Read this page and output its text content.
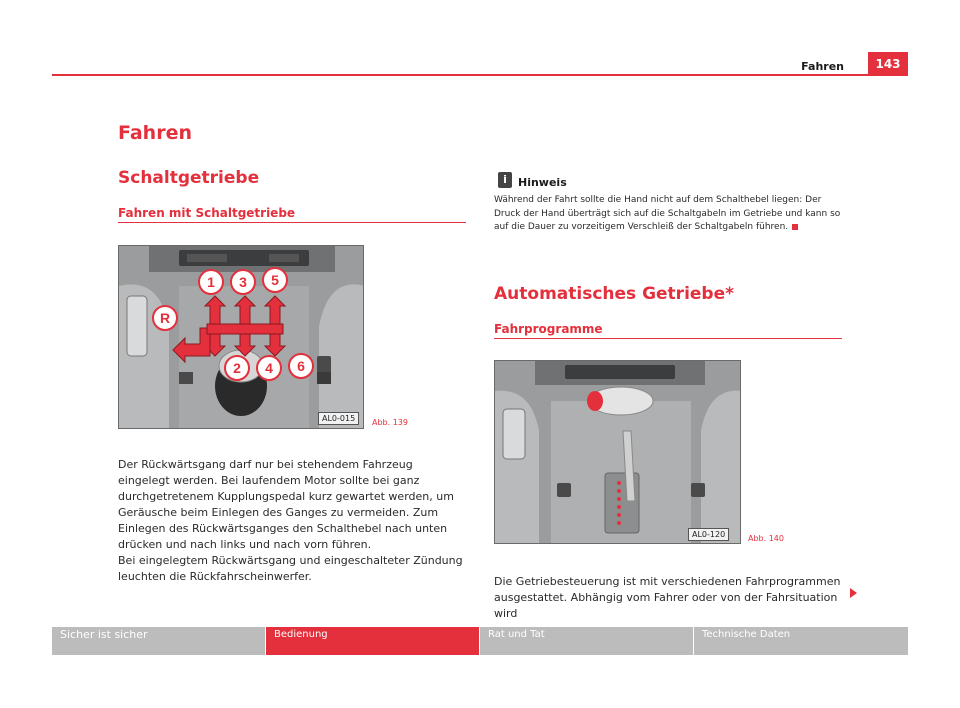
Fahren	143
Fahren
Schaltgetriebe
Fahren mit Schaltgetriebe
1 3 5
R
2 4 6
AL0-015	Abb. 139
Der Rückwärtsgang darf nur bei stehendem Fahrzeug eingelegt werden. Bei laufendem Motor sollte bei ganz durchgetretenem Kupplungspedal kurz gewartet werden, um Geräusche beim Einlegen des Ganges zu vermeiden. Zum Einlegen des Rückwärtsganges den Schalthebel nach unten drücken und nach links und nach vorn führen.
Bei eingelegtem Rückwärtsgang und eingeschalteter Zündung leuchten die Rückfahrscheinwerfer.
i	Hinweis
Während der Fahrt sollte die Hand nicht auf dem Schalthebel liegen: Der Druck der Hand überträgt sich auf die Schaltgabeln im Getriebe und kann so auf die Dauer zu vorzeitigem Verschleiß der Schaltgabeln führen.
Automatisches Getriebe*
Fahrprogramme
AL0-120	Abb. 140
Die Getriebesteuerung ist mit verschiedenen Fahrprogrammen ausgestattet. Abhängig vom Fahrer oder von der Fahrsituation wird
Sicher ist sicher	Bedienung	Rat und Tat	Technische Daten
